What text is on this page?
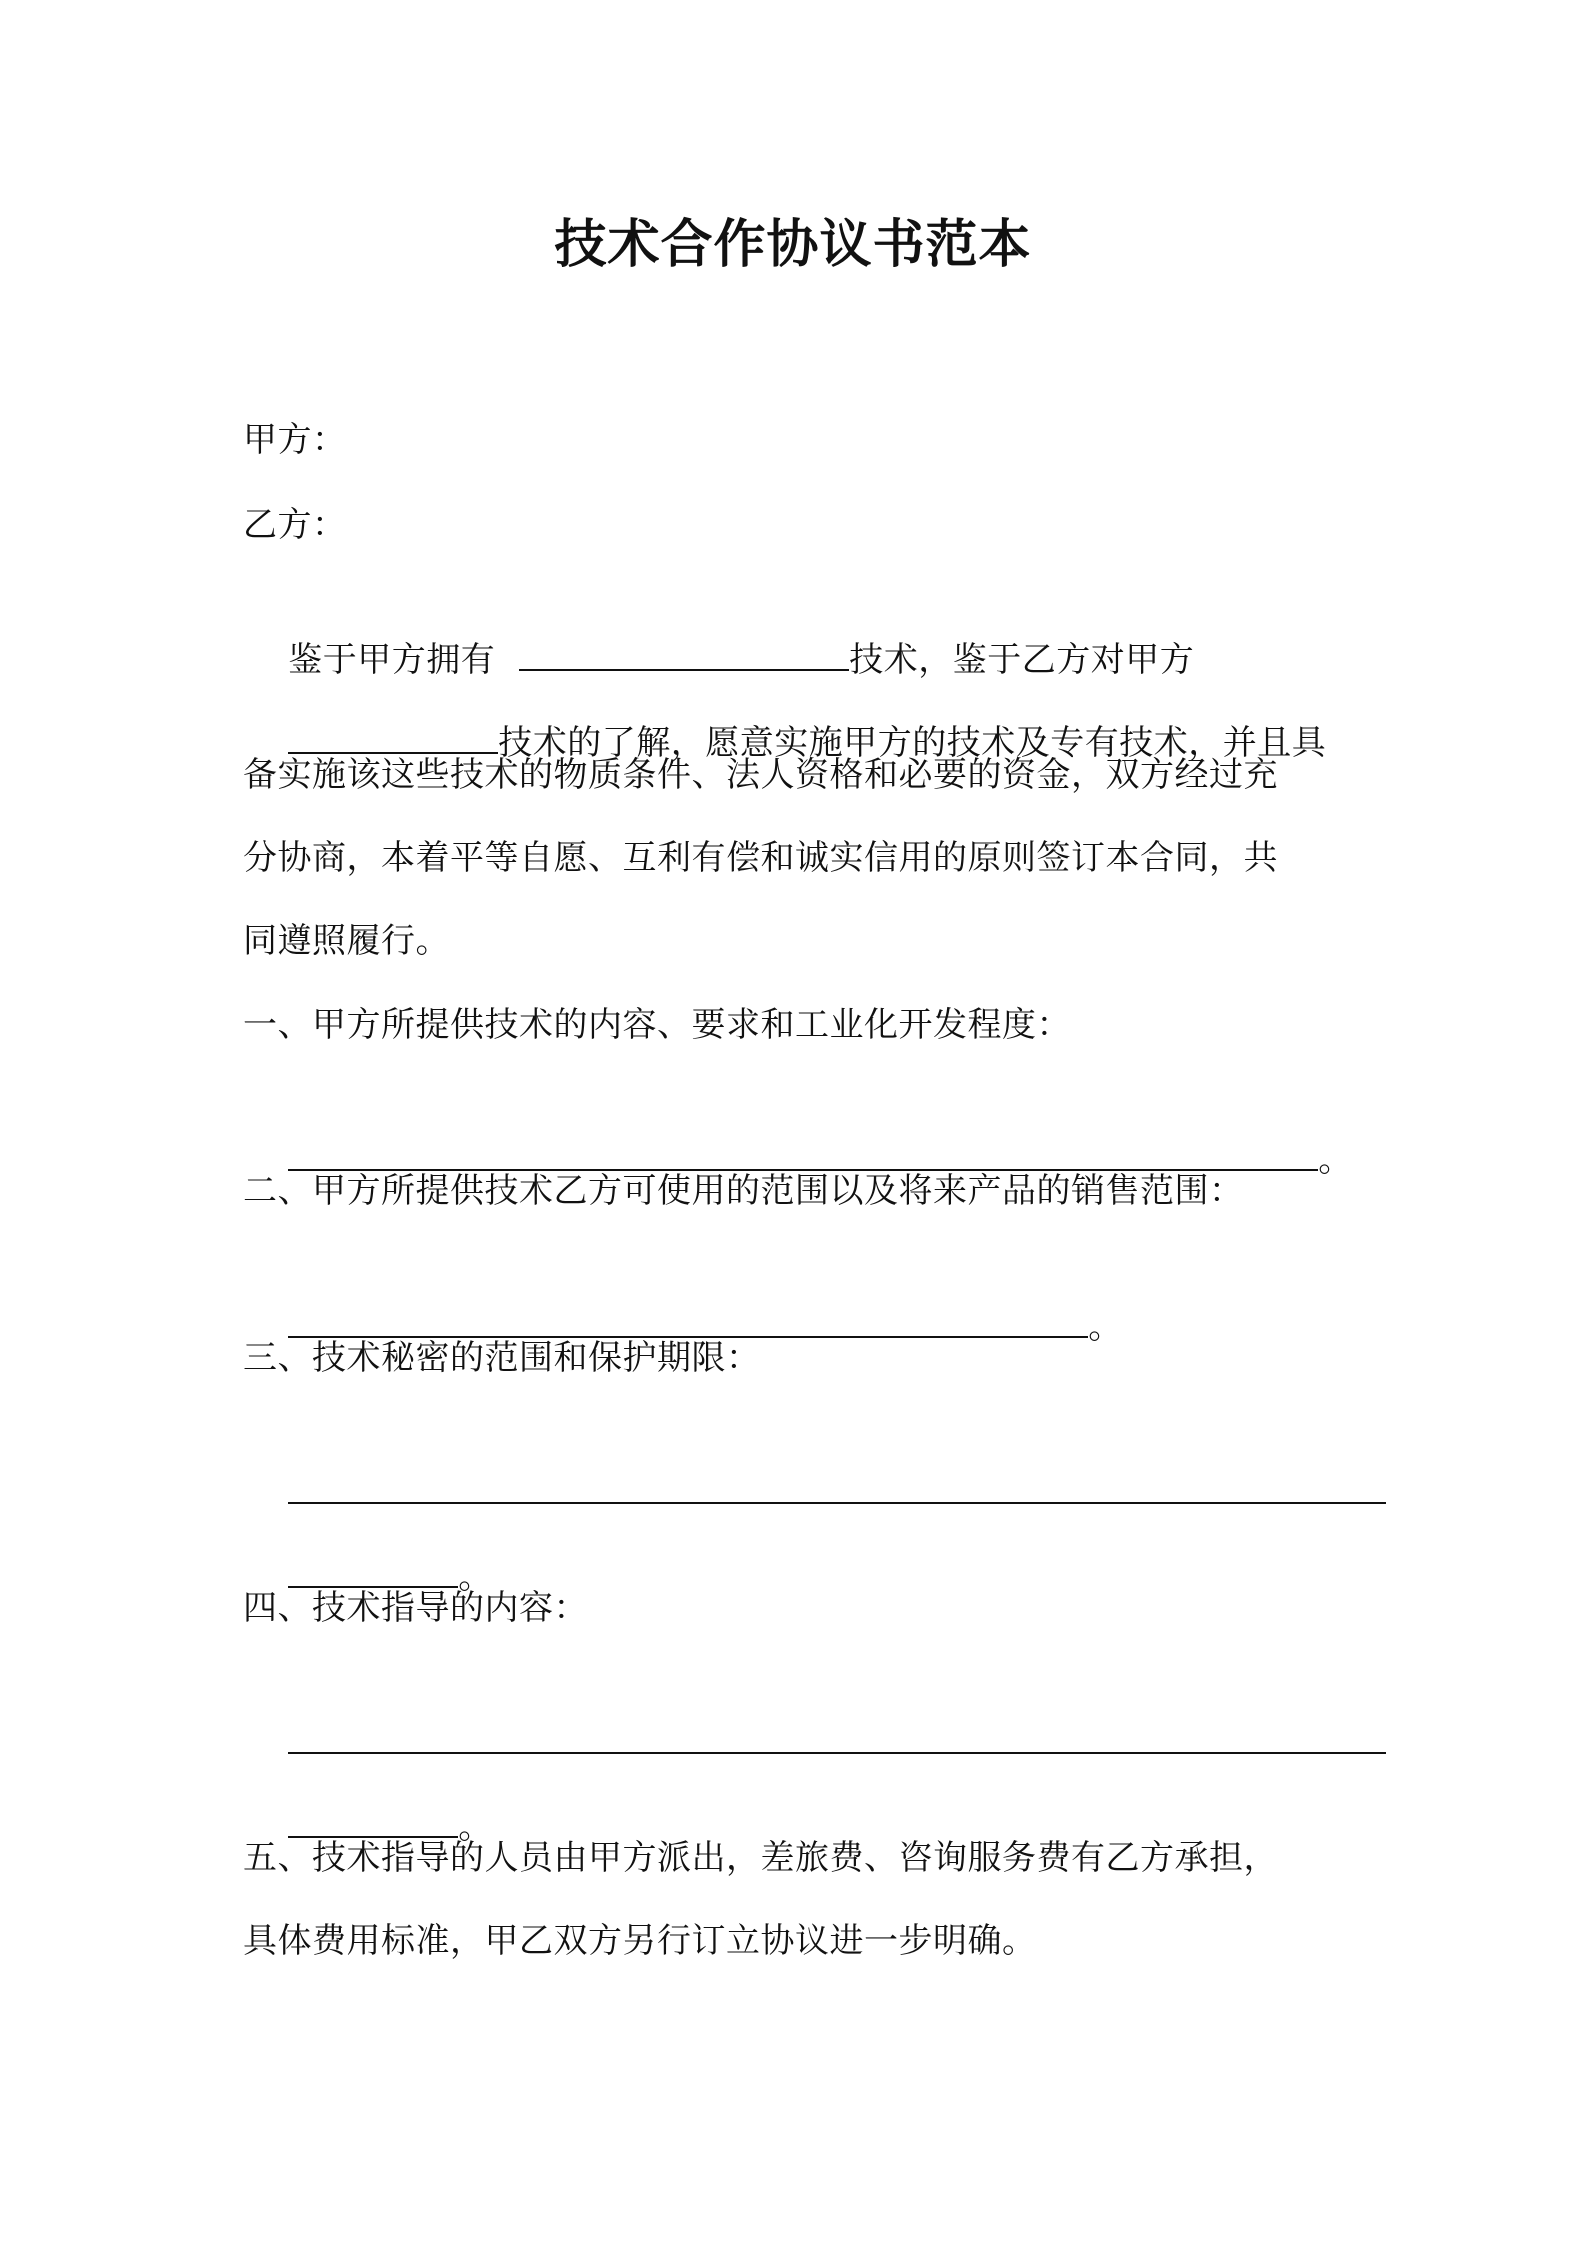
技术合作协议书范本
甲方：
乙方：

鉴于甲方拥有	技术，鉴于乙方对甲方

技术的了解，愿意实施甲方的技术及专有技术，并且具

备实施该这些技术的物质条件、法人资格和必要的资金，双方经过充
分协商，本着平等自愿、互利有偿和诚实信用的原则签订本合同，共
同遵照履行。
一、甲方所提供技术的内容、要求和工业化开发程度：

。

二、甲方所提供技术乙方可使用的范围以及将来产品的销售范围：

。

三、技术秘密的范围和保护期限：

。

四、技术指导的内容：

。

五、技术指导的人员由甲方派出，差旅费、咨询服务费有乙方承担，
具体费用标准，甲乙双方另行订立协议进一步明确。
